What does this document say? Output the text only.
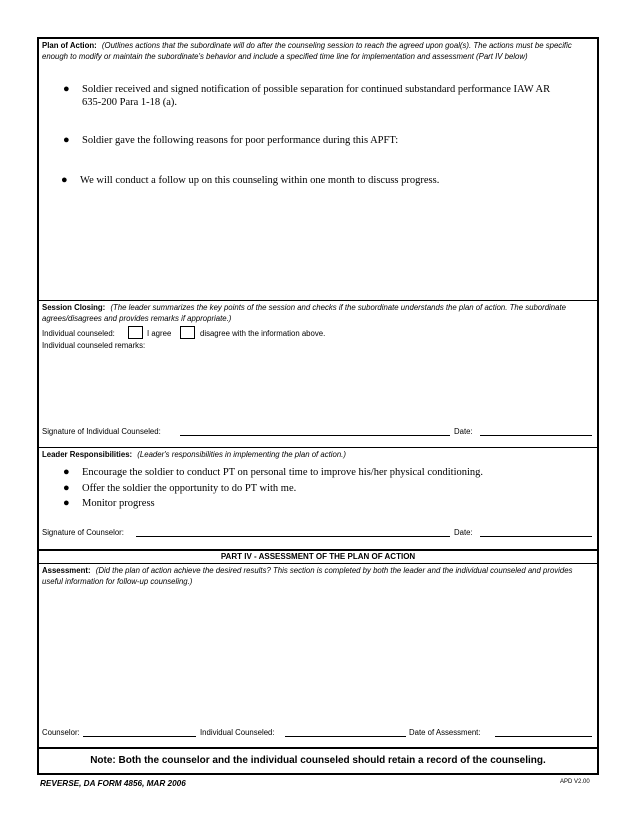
Plan of Action: (Outlines actions that the subordinate will do after the counseling session to reach the agreed upon goal(s). The actions must be specific enough to modify or maintain the subordinate's behavior and include a specified time line for implementation and assessment (Part IV below)
● Soldier received and signed notification of possible separation for continued substandard performance IAW AR 635-200 Para 1-18 (a).
● Soldier gave the following reasons for poor performance during this APFT:
● We will conduct a follow up on this counseling within one month to discuss progress.
Session Closing: (The leader summarizes the key points of the session and checks if the subordinate understands the plan of action. The subordinate agrees/disagrees and provides remarks if appropriate.)
Individual counseled:	I agree	disagree with the information above.
Individual counseled remarks:
Signature of Individual Counseled:	Date:
Leader Responsibilities: (Leader's responsibilities in implementing the plan of action.)
● Encourage the soldier to conduct PT on personal time to improve his/her physical conditioning.
● Offer the soldier the opportunity to do PT with me.
● Monitor progress
Signature of Counselor:	Date:
PART IV - ASSESSMENT OF THE PLAN OF ACTION
Assessment: (Did the plan of action achieve the desired results? This section is completed by both the leader and the individual counseled and provides useful information for follow-up counseling.)
Counselor:	Individual Counseled:	Date of Assessment:
Note: Both the counselor and the individual counseled should retain a record of the counseling.
REVERSE, DA FORM 4856, MAR 2006	APD V2.00
